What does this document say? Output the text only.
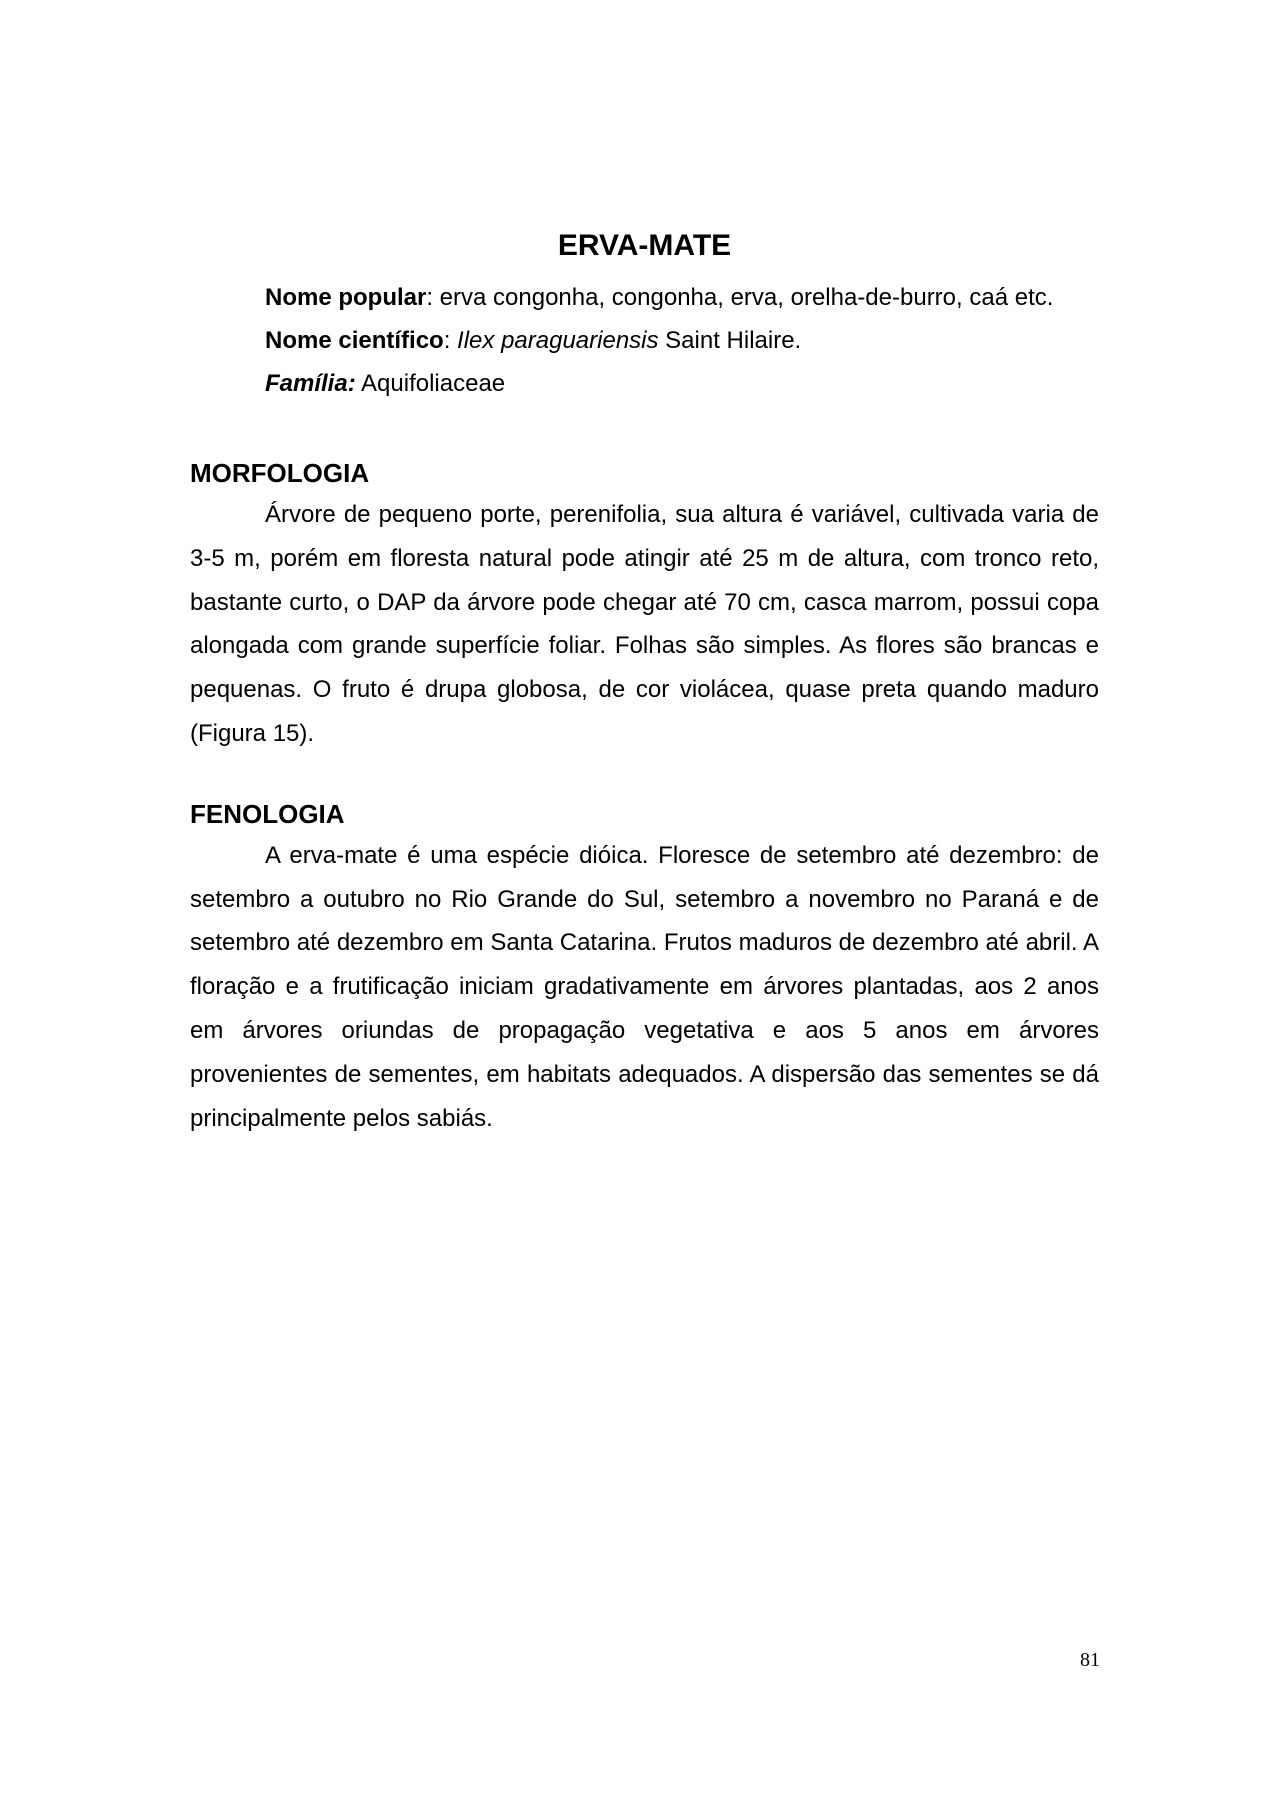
ERVA-MATE

Nome popular: erva congonha, congonha, erva, orelha-de-burro, caá etc.

Nome científico: Ilex paraguariensis Saint Hilaire.

Família: Aquifoliaceae

MORFOLOGIA

Árvore de pequeno porte, perenifolia, sua altura é variável, cultivada varia de 3-5 m, porém em floresta natural pode atingir até 25 m de altura, com tronco reto, bastante curto, o DAP da árvore pode chegar até 70 cm, casca marrom, possui copa alongada com grande superfície foliar. Folhas são simples. As flores são brancas e pequenas. O fruto é drupa globosa, de cor violácea, quase preta quando maduro (Figura 15).

FENOLOGIA

A erva-mate é uma espécie dióica. Floresce de setembro até dezembro: de setembro a outubro no Rio Grande do Sul, setembro a novembro no Paraná e de setembro até dezembro em Santa Catarina. Frutos maduros de dezembro até abril. A floração e a frutificação iniciam gradativamente em árvores plantadas, aos 2 anos em árvores oriundas de propagação vegetativa e aos 5 anos em árvores provenientes de sementes, em habitats adequados. A dispersão das sementes se dá principalmente pelos sabiás.

81
